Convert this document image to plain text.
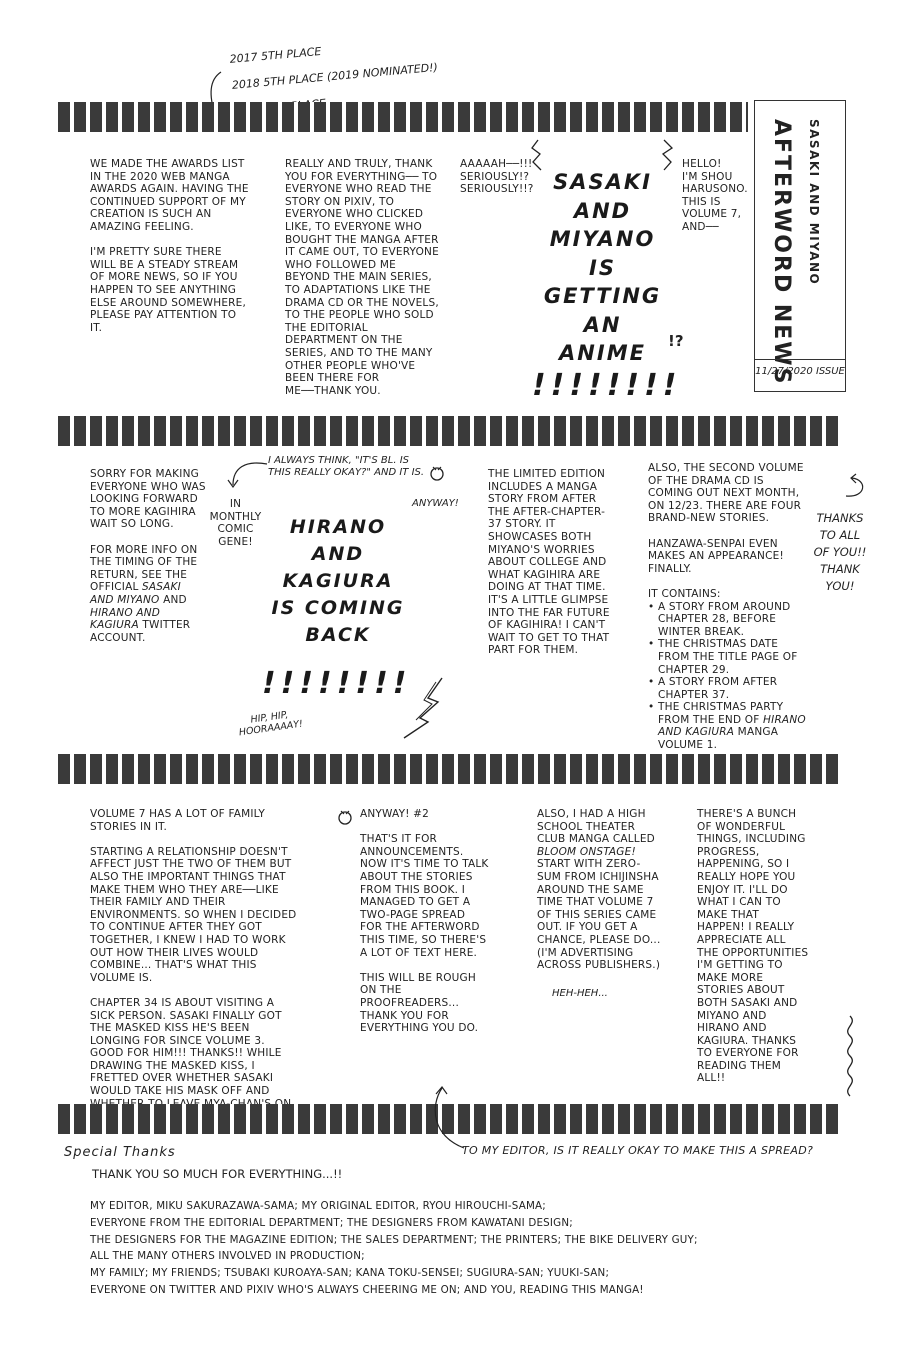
2017 5TH PLACE

2018 5TH PLACE (2019 NOMINATED!)

SASAKI AND MIYANO
AFTERWORD NEWS
11/27/2020 ISSUE

WE MADE THE AWARDS LIST IN THE 2020 WEB MANGA AWARDS AGAIN. HAVING THE CONTINUED SUPPORT OF MY CREATION IS SUCH AN AMAZING FEELING.

I'M PRETTY SURE THERE WILL BE A STEADY STREAM OF MORE NEWS, SO IF YOU HAPPEN TO SEE ANYTHING ELSE AROUND SOMEWHERE, PLEASE PAY ATTENTION TO IT.

REALLY AND TRULY, THANK YOU FOR EVERYTHING── TO EVERYONE WHO READ THE STORY ON PIXIV, TO EVERYONE WHO CLICKED LIKE, TO EVERYONE WHO BOUGHT THE MANGA AFTER IT CAME OUT, TO EVERYONE WHO FOLLOWED ME BEYOND THE MAIN SERIES, TO ADAPTATIONS LIKE THE DRAMA CD OR THE NOVELS, TO THE PEOPLE WHO SOLD THE EDITORIAL DEPARTMENT ON THE SERIES, AND TO THE MANY OTHER PEOPLE WHO'VE BEEN THERE FOR ME──THANK YOU.

AAAAAH──!!!
SERIOUSLY!?
SERIOUSLY!!? SASAKI
AND
MIYANO
IS
GETTING
AN
ANIME	!?
!!!!!!!!
HELLO!
I'M SHOU
HARUSONO.
THIS IS
VOLUME 7,
AND──

SORRY FOR MAKING EVERYONE WHO WAS LOOKING FORWARD TO MORE KAGIHIRA WAIT SO LONG.

FOR MORE INFO ON THE TIMING OF THE RETURN, SEE THE OFFICIAL SASAKI AND MIYANO AND HIRANO AND KAGIURA TWITTER ACCOUNT.

I ALWAYS THINK, "IT'S BL. IS
THIS REALLY OKAY?" AND IT IS.
IN
MONTHLY
COMIC
GENE!
ANYWAY!
HIRANO
AND
KAGIURA
IS COMING
BACK
!!!!!!!!
HIP, HIP,
HOORAAAAY!

THE LIMITED EDITION INCLUDES A MANGA STORY FROM AFTER THE AFTER-CHAPTER-37 STORY. IT SHOWCASES BOTH MIYANO'S WORRIES ABOUT COLLEGE AND WHAT KAGIHIRA ARE DOING AT THAT TIME. IT'S A LITTLE GLIMPSE INTO THE FAR FUTURE OF KAGIHIRA! I CAN'T WAIT TO GET TO THAT PART FOR THEM.

ALSO, THE SECOND VOLUME OF THE DRAMA CD IS COMING OUT NEXT MONTH, ON 12/23. THERE ARE FOUR BRAND-NEW STORIES.

HANZAWA-SENPAI EVEN MAKES AN APPEARANCE! FINALLY.

IT CONTAINS:

• A STORY FROM AROUND CHAPTER 28, BEFORE WINTER BREAK.
• THE CHRISTMAS DATE FROM THE TITLE PAGE OF CHAPTER 29.
• A STORY FROM AFTER CHAPTER 37.
• THE CHRISTMAS PARTY FROM THE END OF HIRANO AND KAGIURA MANGA VOLUME 1.
THANKS
TO ALL
OF YOU!!
THANK
YOU!

VOLUME 7 HAS A LOT OF FAMILY STORIES IN IT.

STARTING A RELATIONSHIP DOESN'T AFFECT JUST THE TWO OF THEM BUT ALSO THE IMPORTANT THINGS THAT MAKE THEM WHO THEY ARE──LIKE THEIR FAMILY AND THEIR ENVIRONMENTS. SO WHEN I DECIDED TO CONTINUE AFTER THEY GOT TOGETHER, I KNEW I HAD TO WORK OUT HOW THEIR LIVES WOULD COMBINE... THAT'S WHAT THIS VOLUME IS.

CHAPTER 34 IS ABOUT VISITING A SICK PERSON. SASAKI FINALLY GOT THE MASKED KISS HE'S BEEN LONGING FOR SINCE VOLUME 3. GOOD FOR HIM!!! THANKS!! WHILE DRAWING THE MASKED KISS, I FRETTED OVER WHETHER SASAKI WOULD TAKE HIS MASK OFF AND

ANYWAY! #2

THAT'S IT FOR ANNOUNCEMENTS. NOW IT'S TIME TO TALK ABOUT THE STORIES FROM THIS BOOK. I MANAGED TO GET A TWO-PAGE SPREAD FOR THE AFTERWORD THIS TIME, SO THERE'S A LOT OF TEXT HERE.

THIS WILL BE ROUGH ON THE PROOFREADERS... THANK YOU FOR EVERYTHING YOU DO.

ALSO, I HAD A HIGH SCHOOL THEATER CLUB MANGA CALLED BLOOM ONSTAGE! START WITH ZERO-SUM FROM ICHIJINSHA AROUND THE SAME TIME THAT VOLUME 7 OF THIS SERIES CAME OUT. IF YOU GET A CHANCE, PLEASE DO... (I'M ADVERTISING ACROSS PUBLISHERS.)

HEH-HEH...

THERE'S A BUNCH OF WONDERFUL THINGS, INCLUDING PROGRESS, HAPPENING, SO I REALLY HOPE YOU ENJOY IT. I'LL DO WHAT I CAN TO MAKE THAT HAPPEN! I REALLY APPRECIATE ALL THE OPPORTUNITIES I'M GETTING TO MAKE MORE STORIES ABOUT BOTH SASAKI AND MIYANO AND HIRANO AND KAGIURA. THANKS TO EVERYONE FOR READING THEM ALL!!

Special Thanks	TO MY EDITOR, IS IT REALLY OKAY TO MAKE THIS A SPREAD?
THANK YOU SO MUCH FOR EVERYTHING...!!
MY EDITOR, MIKU SAKURAZAWA-SAMA; MY ORIGINAL EDITOR, RYOU HIROUCHI-SAMA;
EVERYONE FROM THE EDITORIAL DEPARTMENT; THE DESIGNERS FROM KAWATANI DESIGN;
THE DESIGNERS FOR THE MAGAZINE EDITION; THE SALES DEPARTMENT; THE PRINTERS; THE BIKE DELIVERY GUY;
ALL THE MANY OTHERS INVOLVED IN PRODUCTION;
MY FAMILY; MY FRIENDS; TSUBAKI KUROAYA-SAN; KANA TOKU-SENSEI; SUGIURA-SAN; YUUKI-SAN;
EVERYONE ON TWITTER AND PIXIV WHO'S ALWAYS CHEERING ME ON; AND YOU, READING THIS MANGA!
